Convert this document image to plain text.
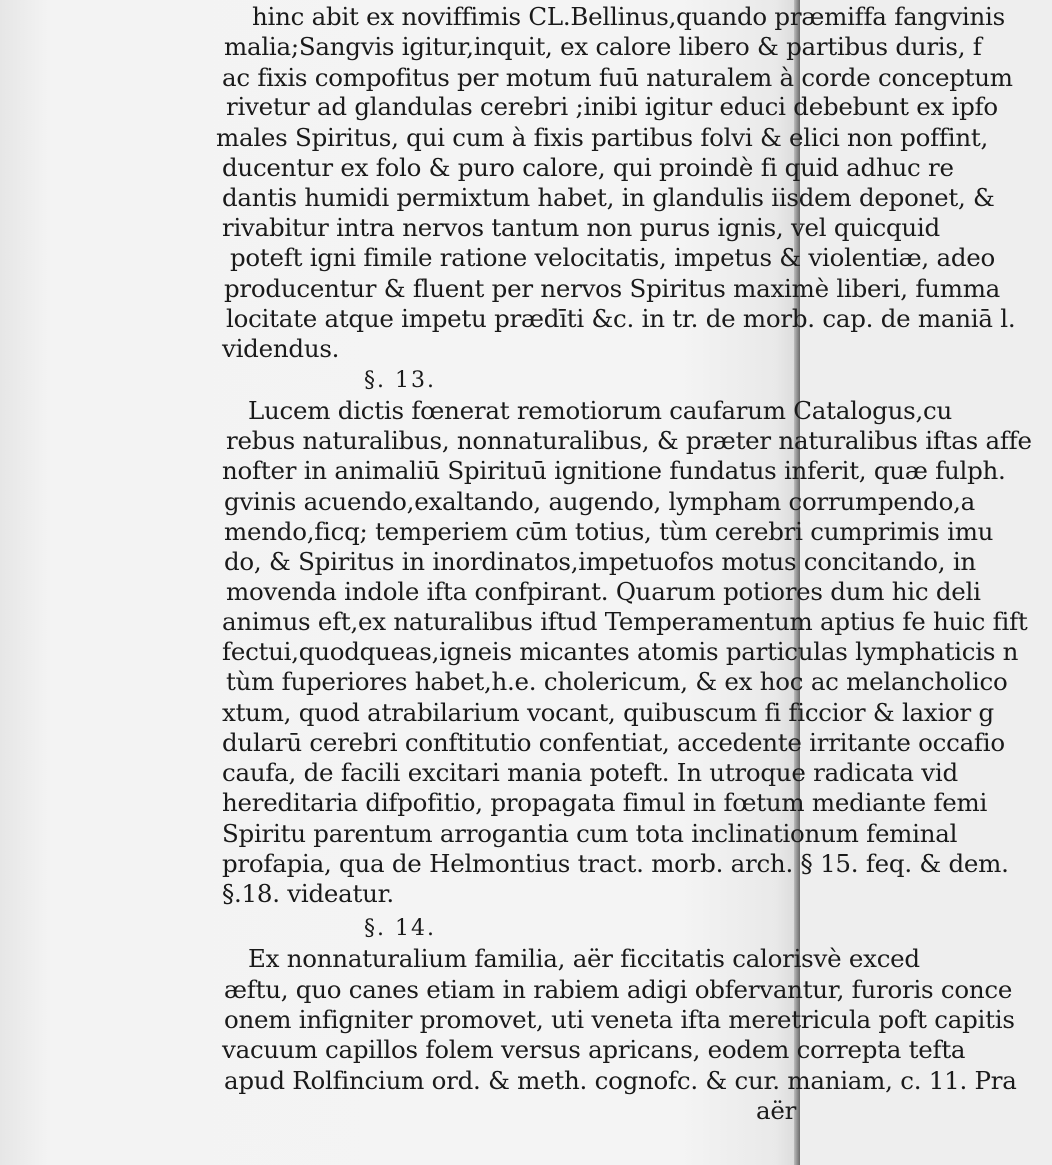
hinc abit ex noviffimis CL.Bellinus,quando præmiffa fangvinis
malia;Sangvis igitur,inquit, ex calore libero & partibus duris, f
ac fixis compofitus per motum fuū naturalem à corde conceptum
rivetur ad glandulas cerebri ;inibi igitur educi debebunt ex ipfo
males Spiritus, qui cum à fixis partibus folvi & elici non poffint,
ducentur ex folo & puro calore, qui proindè fi quid adhuc re
dantis humidi permixtum habet, in glandulis iisdem deponet, &
rivabitur intra nervos tantum non purus ignis, vel quicquid
poteft igni fimile ratione velocitatis, impetus & violentiæ, adeo
producentur & fluent per nervos Spiritus maximè liberi, fumma
locitate atque impetu prædīti &c. in tr. de morb. cap. de maniā l.
videndus.
§. 13.
Lucem dictis fœnerat remotiorum caufarum Catalogus,cu
rebus naturalibus, nonnaturalibus, & præter naturalibus iftas affe
nofter in animaliū Spirituū ignitione fundatus inferit, quæ fulph.
gvinis acuendo,exaltando, augendo, lympham corrumpendo,a
mendo,ficq; temperiem cūm totius, tùm cerebri cumprimis imu
do, & Spiritus in inordinatos,impetuofos motus concitando, in
movenda indole ifta confpirant. Quarum potiores dum hic deli
animus eft,ex naturalibus iftud Temperamentum aptius fe huic fift
fectui,quodqueas,igneis micantes atomis particulas lymphaticis n
tùm fuperiores habet,h.e. cholericum, & ex hoc ac melancholico
xtum, quod atrabilarium vocant, quibuscum fi ficcior & laxior g
dularū cerebri conftitutio confentiat, accedente irritante occafio
caufa, de facili excitari mania poteft. In utroque radicata vid
hereditaria difpofitio, propagata fimul in fœtum mediante femi
Spiritu parentum arrogantia cum tota inclinationum feminal
profapia, qua de Helmontius tract. morb. arch. § 15. feq. & dem.
§.18. videatur.
§. 14.
Ex nonnaturalium familia, aër ficcitatis calorisvè exced
æftu, quo canes etiam in rabiem adigi obfervantur, furoris conce
onem infigniter promovet, uti veneta ifta meretricula poft capitis
vacuum capillos folem versus apricans, eodem correpta tefta
apud Rolfincium ord. & meth. cognofc. & cur. maniam, c. 11. Pra
aër
